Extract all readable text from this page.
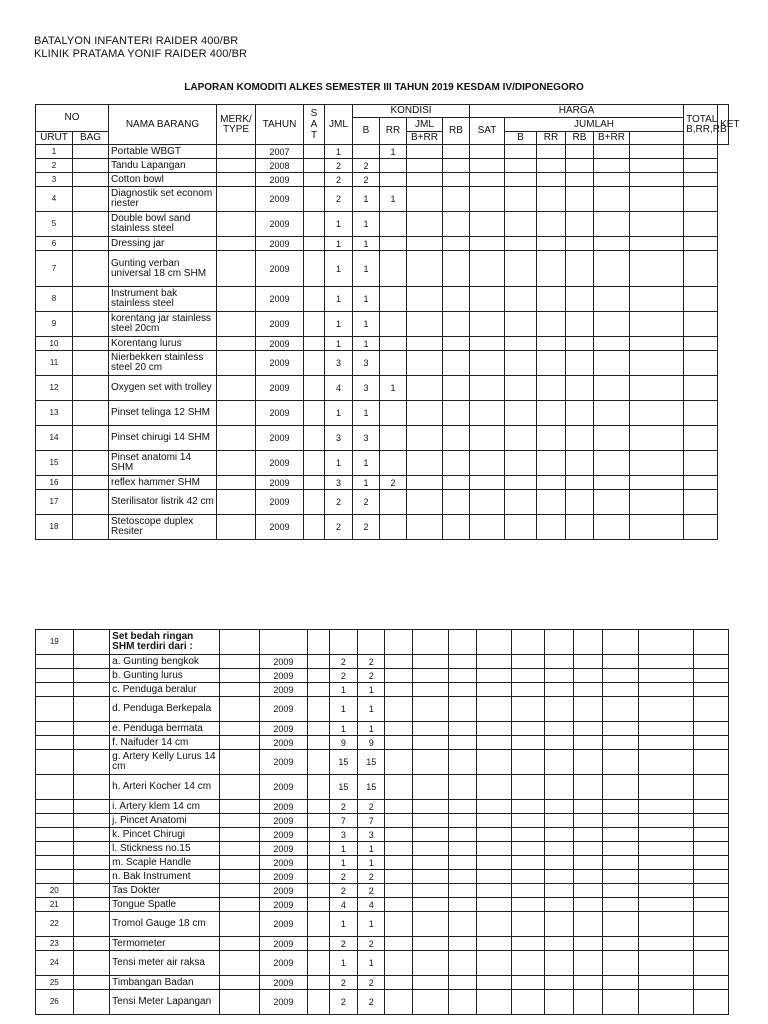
BATALYON INFANTERI RAIDER 400/BR
KLINIK PRATAMA YONIF RAIDER 400/BR
LAPORAN KOMODITI ALKES SEMESTER III TAHUN 2019 KESDAM IV/DIPONEGORO
NO		NAMA BARANG	MERK/ TYPE	TAHUN	S
A
T	JML	KONDISI				HARGA						TOTAL B,RR,RB	KET
							B	RR	JML	RB	SAT	JUMLAH						
URUT	BAG								B+RR			B	RR	RB	B+RR			
1		Portable WBGT		2007		1		1										
2		Tandu Lapangan		2008		2	2											
3		Cotton bowl		2009		2	2											
4		Diagnostik set econom riester		2009		2	1	1										
5		Double bowl sand stainless steel		2009		1	1											
6		Dressing jar		2009		1	1											
7		Gunting verban universal 18 cm SHM		2009		1	1											
8		Instrument bak stainless steel		2009		1	1											
9		korentang jar stainless steel 20cm		2009		1	1											
10		Korentang lurus		2009		1	1											
11		Nierbekken stainless steel 20 cm		2009		3	3											
12		Oxygen set with trolley		2009		4	3	1										
13		Pinset telinga 12 SHM		2009		1	1											
14		Pinset chirugi 14 SHM		2009		3	3											
15		Pinset anatomi 14 SHM		2009		1	1											
16		reflex hammer SHM		2009		3	1	2										
17		Sterilisator listrik 42 cm		2009		2	2											
18		Stetoscope duplex Resiter		2009		2	2											
19		Set bedah ringan SHM terdiri dari :															
		a. Gunting bengkok		2009		2	2										
		b. Gunting lurus		2009		2	2										
		c. Penduga beralur		2009		1	1										
		d. Penduga Berkepala		2009		1	1										
		e. Penduga bermata		2009		1	1										
		f. Naifuder 14 cm		2009		9	9										
		g. Artery Kelly Lurus 14 cm		2009		15	15										
		h. Arteri Kocher 14 cm		2009		15	15										
		i. Artery klem 14 cm		2009		2	2										
		j. Pincet Anatomi		2009		7	7										
		k. Pincet Chirugi		2009		3	3										
		l. Stickness no.15		2009		1	1										
		m. Scaple Handle		2009		1	1										
		n. Bak Instrument		2009		2	2										
20		Tas Dokter		2009		2	2										
21		Tongue Spatle		2009		4	4										
22		Tromol Gauge 18 cm		2009		1	1										
23		Termometer		2009		2	2										
24		Tensi meter air raksa		2009		1	1										
25		Timbangan Badan		2009		2	2										
26		Tensi Meter Lapangan		2009		2	2										
